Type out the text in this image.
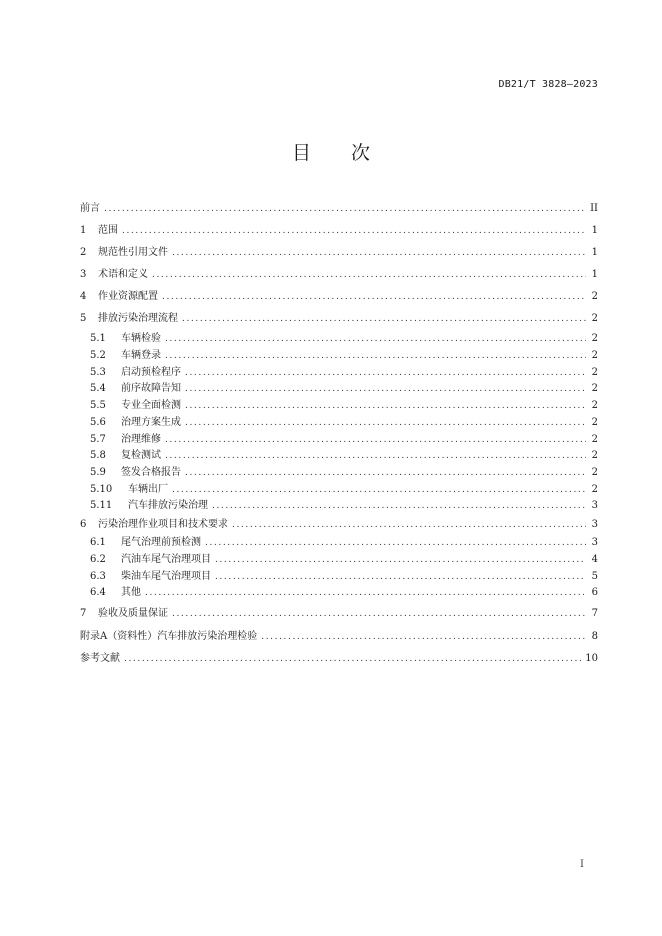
DB21/T 3828—2023
目 次
前言 .....	II
1	范围 .....	1
2	规范性引用文件 .....	1
3	术语和定义 .....	1
4	作业资源配置 .....	2
5	排放污染治理流程 .....	2
5.1	车辆检验 .....	2
5.2	车辆登录 .....	2
5.3	启动预检程序 .....	2
5.4	前序故障告知 .....	2
5.5	专业全面检测 .....	2
5.6	治理方案生成 .....	2
5.7	治理维修 .....	2
5.8	复检测试 .....	2
5.9	签发合格报告 .....	2
5.10	车辆出厂 .....	2
5.11	汽车排放污染治理 .....	3
6	污染治理作业项目和技术要求 .....	3
6.1	尾气治理前预检测 .....	3
6.2	汽油车尾气治理项目 .....	4
6.3	柴油车尾气治理项目 .....	5
6.4	其他 .....	6
7	验收及质量保证 .....	7
附录A（资料性）汽车排放污染治理检验 .....	8
参考文献 .....	10
I
